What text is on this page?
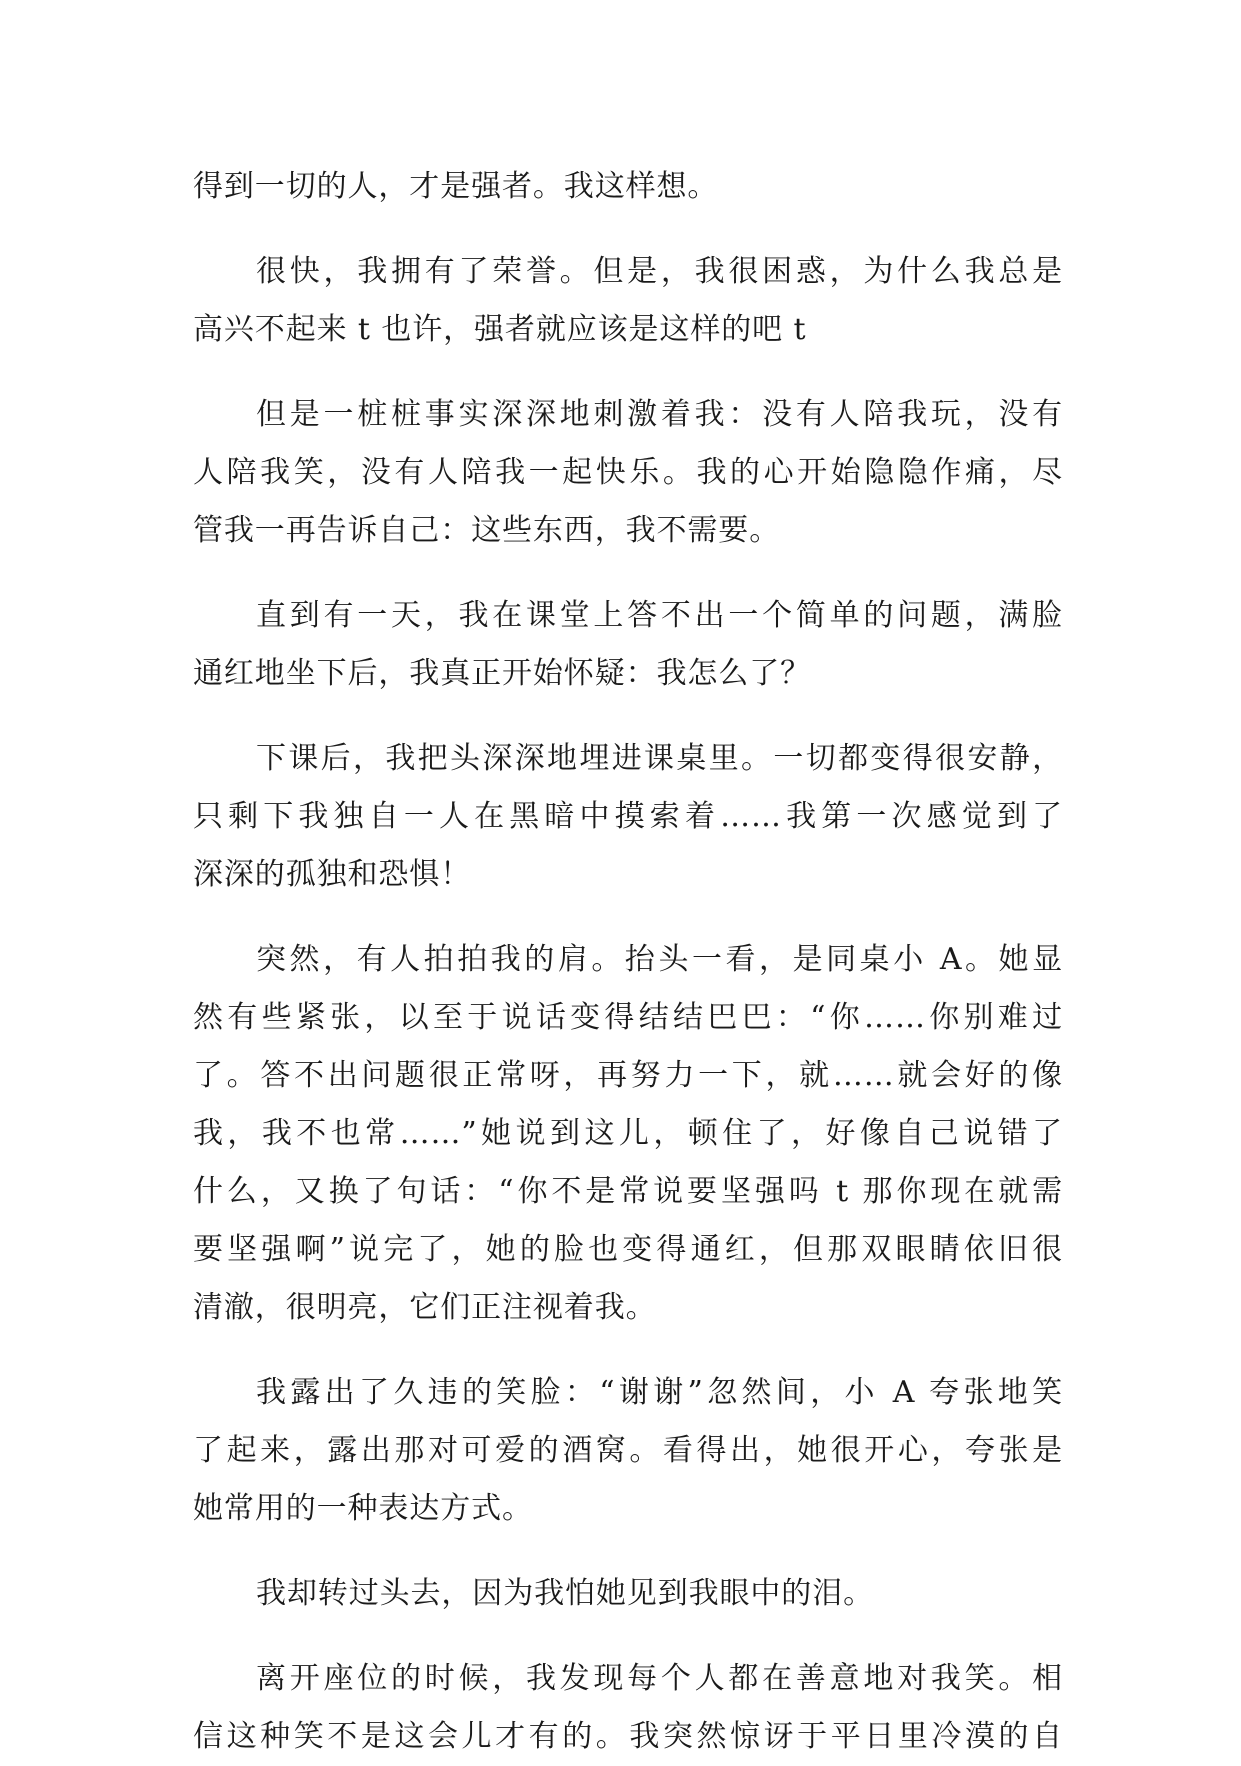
得到一切的人，才是强者。我这样想。

很快，我拥有了荣誉。但是，我很困惑，为什么我总是
高兴不起来 t 也许，强者就应该是这样的吧 t

但是一桩桩事实深深地刺激着我：没有人陪我玩，没有
人陪我笑，没有人陪我一起快乐。我的心开始隐隐作痛，尽
管我一再告诉自己：这些东西，我不需要。

直到有一天，我在课堂上答不出一个简单的问题，满脸
通红地坐下后，我真正开始怀疑：我怎么了？

下课后，我把头深深地埋进课桌里。一切都变得很安静，
只剩下我独自一人在黑暗中摸索着……我第一次感觉到了
深深的孤独和恐惧！

突然，有人拍拍我的肩。抬头一看，是同桌小 A。她显
然有些紧张，以至于说话变得结结巴巴：“你……你别难过
了。答不出问题很正常呀，再努力一下，就……就会好的像
我，我不也常……”她说到这儿，顿住了，好像自己说错了
什么，又换了句话：“你不是常说要坚强吗 t 那你现在就需
要坚强啊”说完了，她的脸也变得通红，但那双眼睛依旧很
清澈，很明亮，它们正注视着我。

我露出了久违的笑脸：“谢谢”忽然间，小 A 夸张地笑
了起来，露出那对可爱的酒窝。看得出，她很开心，夸张是
她常用的一种表达方式。

我却转过头去，因为我怕她见到我眼中的泪。

离开座位的时候，我发现每个人都在善意地对我笑。相
信这种笑不是这会儿才有的。我突然惊讶于平日里冷漠的自
